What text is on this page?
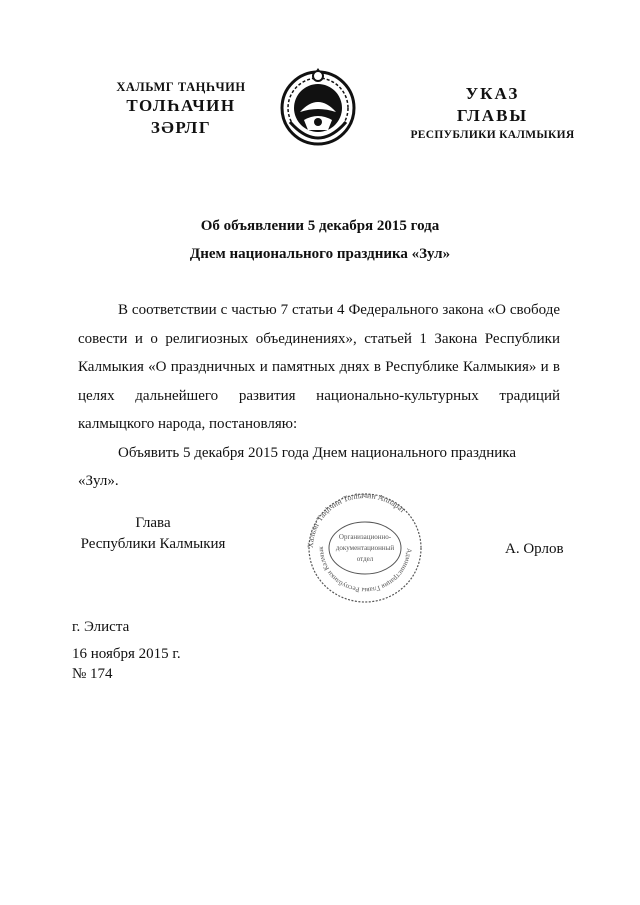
ХАЛЬМГ ТАҢҺЧИН
ТОЛҺАЧИН
ЗӘРЛГ
УКАЗ
ГЛАВЫ
РЕСПУБЛИКИ КАЛМЫКИЯ
Об объявлении 5 декабря 2015 года
Днем национального праздника «Зул»

В соответствии с частью 7 статьи 4 Федерального закона «О свободе совести и о религиозных объединениях», статьей 1 Закона Республики Калмыкия «О праздничных и памятных днях в Республике Калмыкия» и в целях дальнейшего развития национально-культурных традиций калмыцкого народа, постановляю:

Объявить 5 декабря 2015 года Днем национального праздника «Зул».

Глава
Республики Калмыкия	Хальмг Таңһчин Толһачин Аппарат
Администрация Главы Республики Калмык
Организационно-
документационный
отдел
А. Орлов
г. Элиста
16 ноября 2015 г.
№ 174
